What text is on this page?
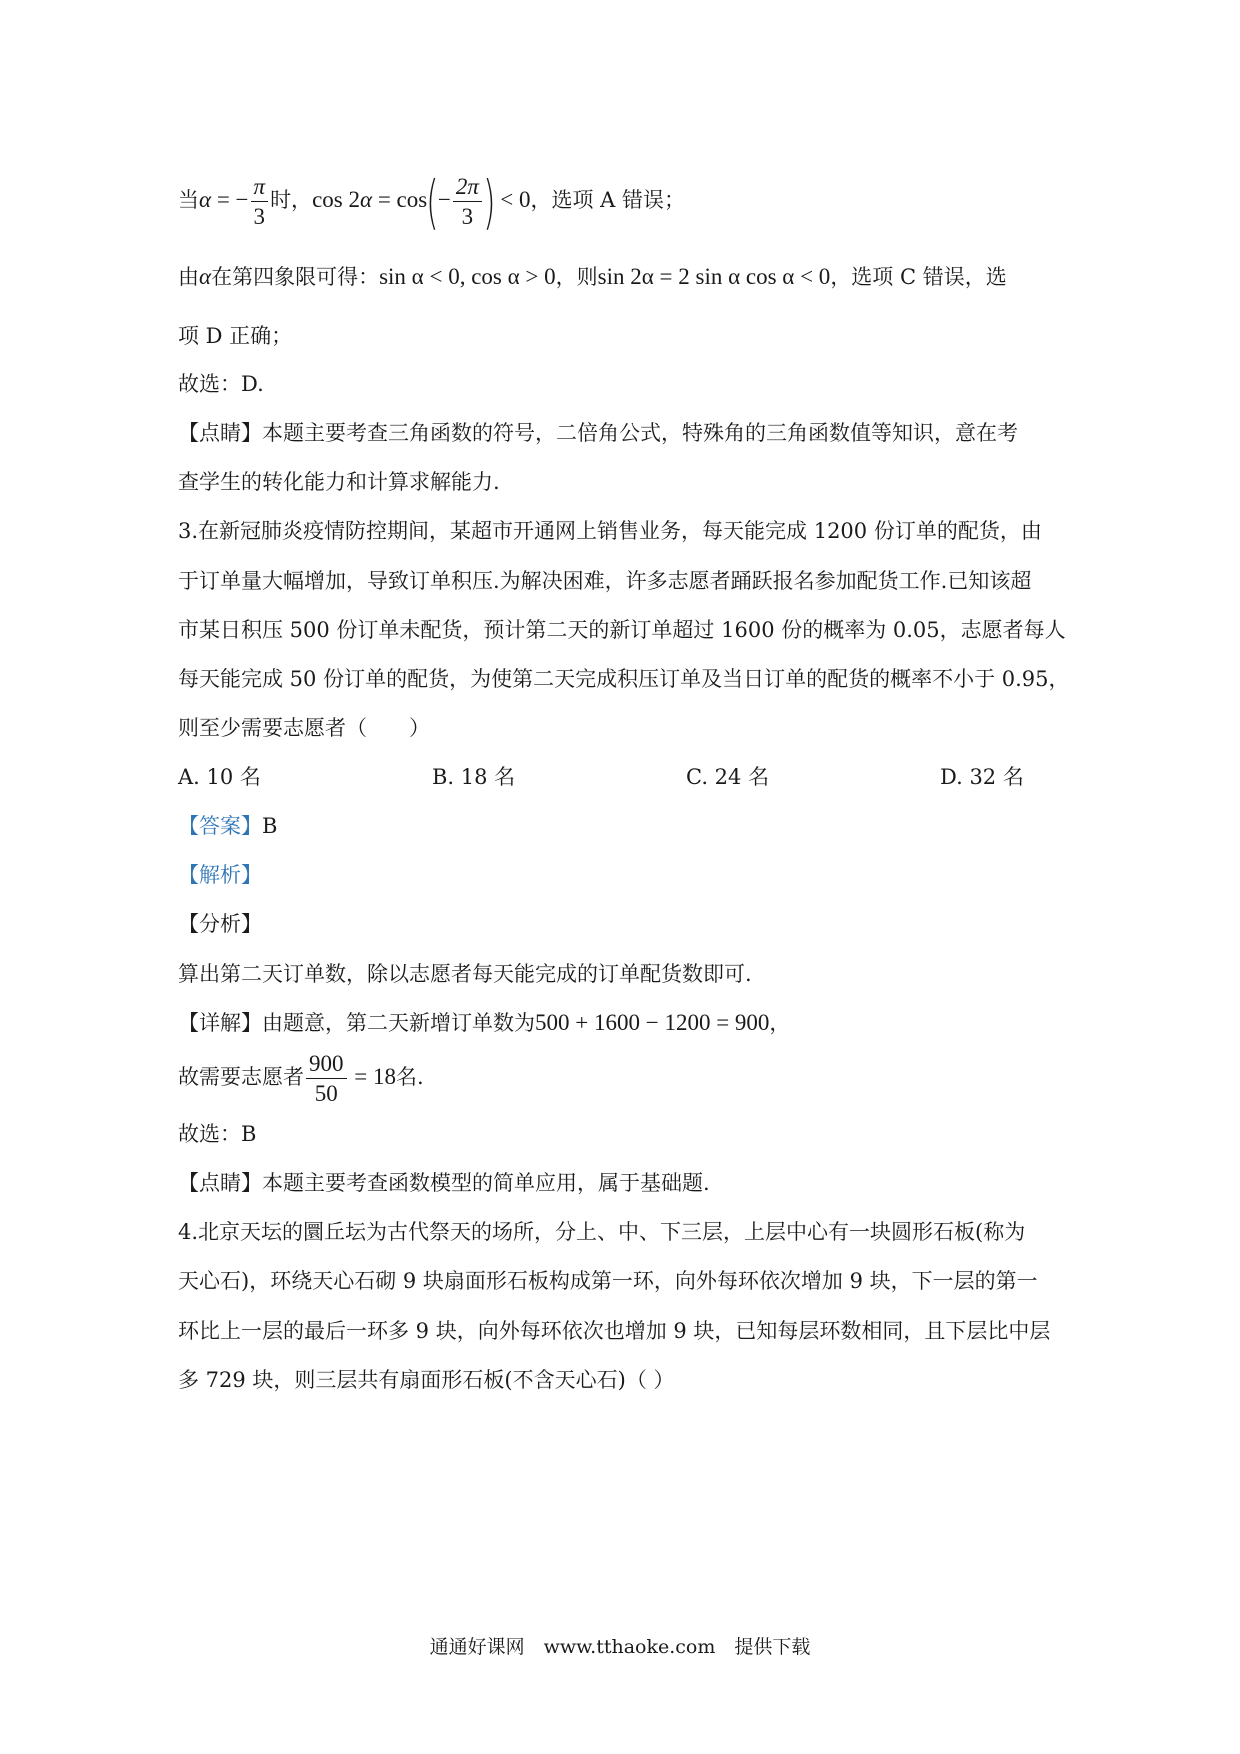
当α = − $\frac{\pi}{3}$ 时，$\cos 2\alpha = \cos(- \frac{2\pi}{3}$ ) < 0，选项 A 错误；
由α在第四象限可得：sin α < 0, cos α > 0，则sin 2α = 2 sin α cos α < 0，选项 C 错误，选
项 D 正确；
故选：D.
【点睛】本题主要考查三角函数的符号，二倍角公式，特殊角的三角函数值等知识，意在考
查学生的转化能力和计算求解能力.
3.在新冠肺炎疫情防控期间，某超市开通网上销售业务，每天能完成 1200 份订单的配货，由
于订单量大幅增加，导致订单积压.为解决困难，许多志愿者踊跃报名参加配货工作.已知该超
市某日积压 500 份订单未配货，预计第二天的新订单超过 1600 份的概率为 0.05，志愿者每人
每天能完成 50 份订单的配货，为使第二天完成积压订单及当日订单的配货的概率不小于 0.95，
则至少需要志愿者（　　）
A. 10 名	B. 18 名	C. 24 名	D. 32 名
【答案】B
【解析】
【分析】
算出第二天订单数，除以志愿者每天能完成的订单配货数即可.
【详解】由题意，第二天新增订单数为500 + 1600 − 1200 = 900，
故需要志愿者 $\frac{900}{50} = 18$名.
故选：B
【点睛】本题主要考查函数模型的简单应用，属于基础题.
4.北京天坛的圜丘坛为古代祭天的场所，分上、中、下三层，上层中心有一块圆形石板(称为
天心石)，环绕天心石砌 9 块扇面形石板构成第一环，向外每环依次增加 9 块，下一层的第一
环比上一层的最后一环多 9 块，向外每环依次也增加 9 块，已知每层环数相同，且下层比中层
多 729 块，则三层共有扇面形石板(不含天心石)（ ）
通通好课网　www.tthaoke.com　提供下载
